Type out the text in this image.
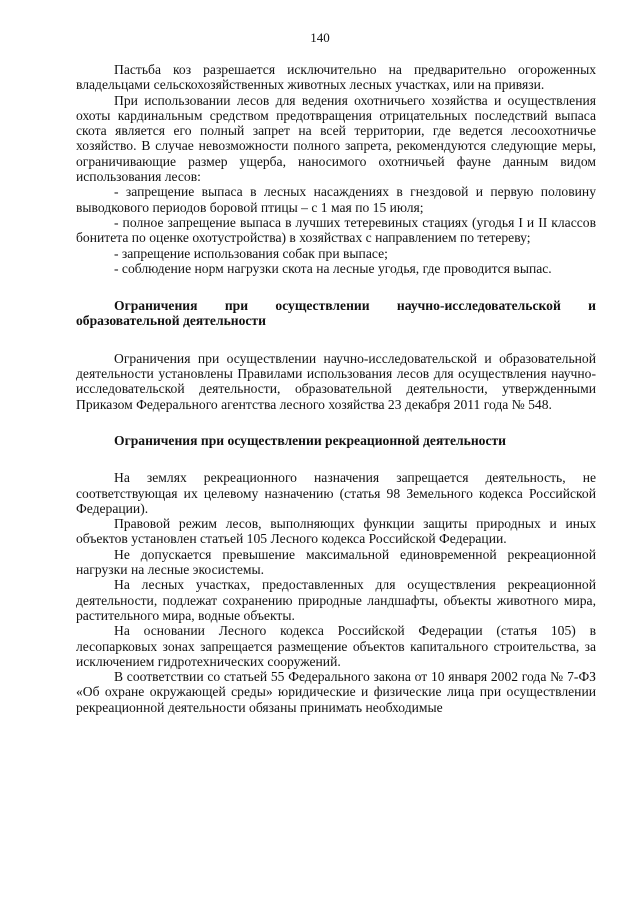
140

Пастьба коз разрешается исключительно на предварительно огороженных владельцами сельскохозяйственных животных лесных участках, или на привязи.

При использовании лесов для ведения охотничьего хозяйства и осуществления охоты кардинальным средством предотвращения отрицательных последствий выпаса скота является его полный запрет на всей территории, где ведется лесоохотничье хозяйство. В случае невозможности полного запрета, рекомендуются следующие меры, ограничивающие размер ущерба, наносимого охотничьей фауне данным видом использования лесов:

- запрещение выпаса в лесных насаждениях в гнездовой и первую половину выводкового периодов боровой птицы – с 1 мая по 15 июля;

- полное запрещение выпаса в лучших тетеревиных стациях (угодья I и II классов бонитета по оценке охотустройства) в хозяйствах с направлением по тетереву;

- запрещение использования собак при выпасе;

- соблюдение норм нагрузки скота на лесные угодья, где проводится выпас.

Ограничения при осуществлении научно-исследовательской и образовательной деятельности

Ограничения при осуществлении научно-исследовательской и образовательной деятельности установлены Правилами использования лесов для осуществления научно-исследовательской деятельности, образовательной деятельности, утвержденными Приказом Федерального агентства лесного хозяйства 23 декабря 2011 года № 548.

Ограничения при осуществлении рекреационной деятельности

На землях рекреационного назначения запрещается деятельность, не соответствующая их целевому назначению (статья 98 Земельного кодекса Российской Федерации).

Правовой режим лесов, выполняющих функции защиты природных и иных объектов установлен статьей 105 Лесного кодекса Российской Федерации.

Не допускается превышение максимальной единовременной рекреационной нагрузки на лесные экосистемы.

На лесных участках, предоставленных для осуществления рекреационной деятельности, подлежат сохранению природные ландшафты, объекты животного мира, растительного мира, водные объекты.

На основании Лесного кодекса Российской Федерации (статья 105) в лесопарковых зонах запрещается размещение объектов капитального строительства, за исключением гидротехнических сооружений.

В соответствии со статьей 55 Федерального закона от 10 января 2002 года № 7-ФЗ «Об охране окружающей среды» юридические и физические лица при осуществлении рекреационной деятельности обязаны принимать необходимые
